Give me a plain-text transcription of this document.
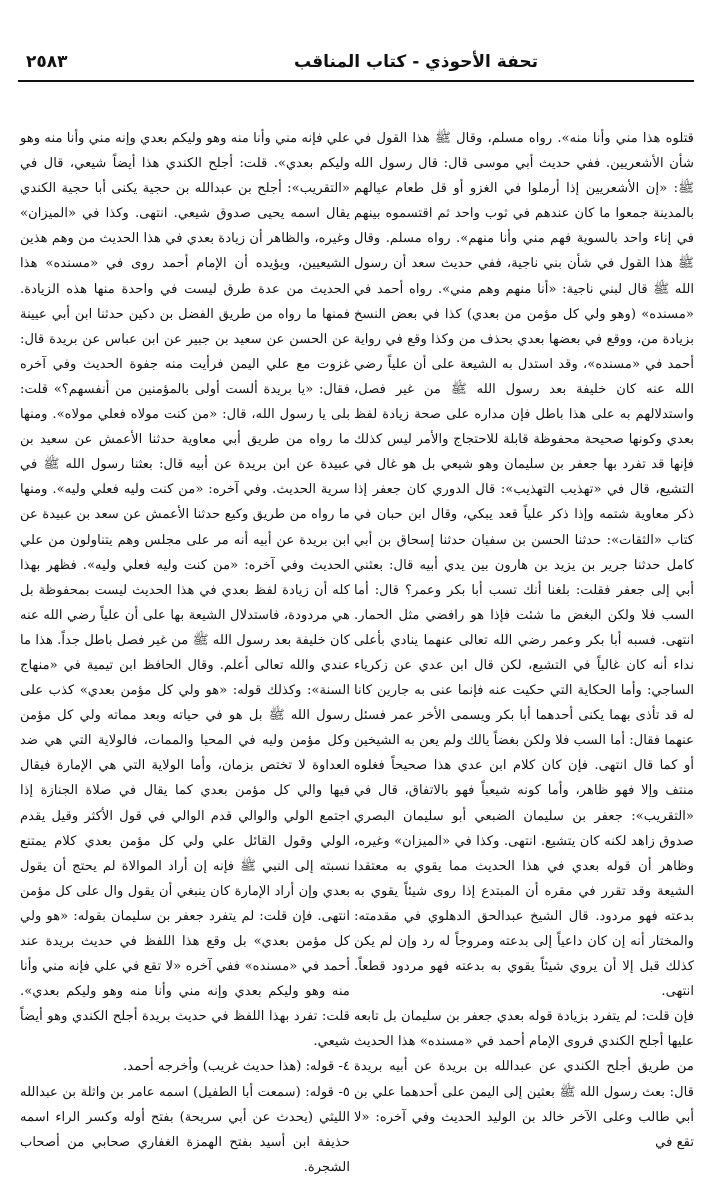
تحفة الأحوذي - كتاب المناقب
٢٥٨٣

قتلوه هذا مني وأنا منه». رواه مسلم، وقال ﷺ هذا القول في شأن الأشعريين. ففي حديث أبي موسى قال: قال رسول الله ﷺ: «إن الأشعريين إذا أرملوا في الغزو أو قل طعام عيالهم بالمدينة جمعوا ما كان عندهم في ثوب واحد ثم اقتسموه بينهم في إناء واحد بالسوية فهم مني وأنا منهم». رواه مسلم. وقال ﷺ هذا القول في شأن بني ناجية، ففي حديث سعد أن رسول الله ﷺ قال لبني ناجية: «أنا منهم وهم مني». رواه أحمد في «مسنده» (وهو ولي كل مؤمن من بعدي) كذا في بعض النسخ بزيادة من، ووقع في بعضها بعدي بحذف من وكذا وقع في رواية أحمد في «مسنده»، وقد استدل به الشيعة على أن علياً رضي الله عنه كان خليفة بعد رسول الله ﷺ من غير فصل، واستدلالهم به على هذا باطل فإن مداره على صحة زيادة لفظ بعدي وكونها صحيحة محفوظة قابلة للاحتجاج والأمر ليس كذلك فإنها قد تفرد بها جعفر بن سليمان وهو شيعي بل هو غال في التشيع، قال في «تهذيب التهذيب»: قال الدوري كان جعفر إذا ذكر معاوية شتمه وإذا ذكر علياً قعد يبكي، وقال ابن حبان في كتاب «الثقات»: حدثنا الحسن بن سفيان حدثنا إسحاق بن أبي كامل حدثنا جرير بن يزيد بن هارون بين يدي أبيه قال: بعثني أبي إلى جعفر فقلت: بلغنا أنك تسب أبا بكر وعمر؟ قال: أما السب فلا ولكن البغض ما شئت فإذا هو رافضي مثل الحمار. انتهى. فسبه أبا بكر وعمر رضي الله تعالى عنهما ينادي بأعلى نداء أنه كان غالياً في التشيع، لكن قال ابن عدي عن زكرياء الساجي: وأما الحكاية التي حكيت عنه فإنما عنى به جارين كانا له قد تأذى بهما يكنى أحدهما أبا بكر ويسمى الأخر عمر فسئل عنهما فقال: أما السب فلا ولكن بغضاً يالك ولم يعن به الشيخين أو كما قال انتهى. فإن كان كلام ابن عدي هذا صحيحاً فغلوه منتف وإلا فهو ظاهر، وأما كونه شيعياً فهو بالاتفاق، قال في «التقريب»: جعفر بن سليمان الضبعي أبو سليمان البصري صدوق زاهد لكنه كان يتشيع. انتهى. وكذا في «الميزان» وغيره، وظاهر أن قوله بعدي في هذا الحديث مما يقوي به معتقدا الشيعة وقد تقرر في مقره أن المبتدع إذا روى شيئاً يقوي به بدعته فهو مردود. قال الشيخ عبدالحق الدهلوي في مقدمته: والمختار أنه إن كان داعياً إلى بدعته ومروجاً له رد وإن لم يكن كذلك قبل إلا أن يروي شيئاً يقوي به بدعته فهو مردود قطعاً. انتهى.

فإن قلت: لم يتفرد بزيادة قوله بعدي جعفر بن سليمان بل تابعه عليها أجلح الكندي فروى الإمام أحمد في «مسنده» هذا الحديث من طريق أجلح الكندي عن عبدالله بن بريدة عن أبيه بريدة قال: بعث رسول الله ﷺ بعثين إلى اليمن على أحدهما علي بن أبي طالب وعلى الآخر خالد بن الوليد الحديث وفي آخره: «لا تقع في

علي فإنه مني وأنا منه وهو وليكم بعدي وإنه مني وأنا منه وهو وليكم بعدي». قلت: أجلح الكندي هذا أيضاً شيعي، قال في «التقريب»: أجلح بن عبدالله بن حجية يكنى أبا حجية الكندي يقال اسمه يحيى صدوق شيعي. انتهى. وكذا في «الميزان» وغيره، والظاهر أن زيادة بعدي في هذا الحديث من وهم هذين الشيعيين، ويؤيده أن الإمام أحمد روى في «مسنده» هذا الحديث من عدة طرق ليست في واحدة منها هذه الزيادة. فمنها ما رواه من طريق الفضل بن دكين حدثنا ابن أبي عيينة عن الحسن عن سعيد بن جبير عن ابن عباس عن بريدة قال: غزوت مع علي اليمن فرأيت منه جفوة الحديث وفي آخره فقال: «يا بريدة ألست أولى بالمؤمنين من أنفسهم؟» قلت: بلى يا رسول الله، قال: «من كنت مولاه فعلي مولاه». ومنها ما رواه من طريق أبي معاوية حدثنا الأعمش عن سعيد بن عبيدة عن ابن بريدة عن أبيه قال: بعثنا رسول الله ﷺ في سرية الحديث. وفي آخره: «من كنت وليه فعلي وليه». ومنها ما رواه من طريق وكيع حدثنا الأعمش عن سعد بن عبيدة عن ابن بريدة عن أبيه أنه مر على مجلس وهم يتناولون من علي الحديث وفي آخره: «من كنت وليه فعلي وليه». فظهر بهذا كله أن زيادة لفظ بعدي في هذا الحديث ليست بمحفوظة بل هي مردودة، فاستدلال الشيعة بها على أن علياً رضي الله عنه كان خليفة بعد رسول الله ﷺ من غير فصل باطل جداً. هذا ما عندي والله تعالى أعلم. وقال الحافظ ابن تيمية في «منهاج السنة»: وكذلك قوله: «هو ولي كل مؤمن بعدي» كذب على رسول الله ﷺ بل هو في حياته وبعد مماته ولي كل مؤمن وكل مؤمن وليه في المحيا والممات، فالولاية التي هي ضد العداوة لا تختص بزمان، وأما الولاية التي هي الإمارة فيقال فيها والي كل مؤمن بعدي كما يقال في صلاة الجنازة إذا اجتمع الولي والوالي قدم الوالي في قول الأكثر وقيل يقدم الولي وقول القائل علي ولي كل مؤمن بعدي كلام يمتنع نسبته إلى النبي ﷺ فإنه إن أراد الموالاة لم يحتج أن يقول بعدي وإن أراد الإمارة كان ينبغي أن يقول وال على كل مؤمن انتهى. فإن قلت: لم يتفرد جعفر بن سليمان بقوله: «هو ولي كل مؤمن بعدي» بل وقع هذا اللفظ في حديث بريدة عند أحمد في «مسنده» ففي آخره «لا تقع في علي فإنه مني وأنا منه وهو وليكم بعدي وإنه مني وأنا منه وهو وليكم بعدي». قلت: تفرد بهذا اللفظ في حديث بريدة أجلح الكندي وهو أيضاً شيعي.

٤- قوله: (هذا حديث غريب) وأخرجه أحمد.

٥- قوله: (سمعت أبا الطفيل) اسمه عامر بن واثلة بن عبدالله الليثي (يحدث عن أبي سريحة) بفتح أوله وكسر الراء اسمه حذيفة ابن أسيد بفتح الهمزة الغفاري صحابي من أصحاب الشجرة.
